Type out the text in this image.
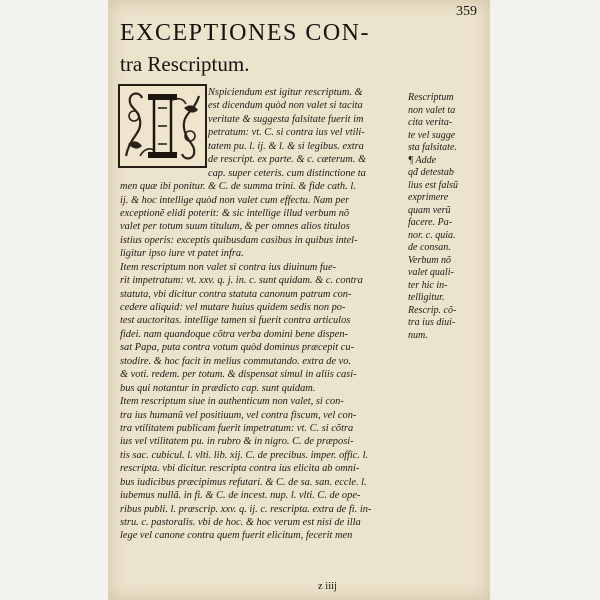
359
EXCEPTIONES CON-
tra Rescriptum.
Nspiciendum est igitur rescriptum. &
est dicendum quòd non valet si tacita
veritate & suggesta falsitate fuerit im
petratum: vt. C. si contra ius vel vtili-
tatem pu. l. ij. & l. & si legibus. extra
de rescript. ex parte. & c. cæterum. &
cap. super ceteris. cum distinctione ta
men quæ ibi ponitur. & C. de summa trini. & fide cath. l.
ij. & hoc intellige quòd non valet cum effectu. Nam per
exceptionẽ elidi poterit: & sic intellige illud verbum nõ
valet per totum suum titulum, & per omnes alios titulos
istius operis: exceptis quibusdam casibus in quibus intel-
ligitur ipso iure vt patet infra.
Item rescriptum non valet si contra ius diuinum fue-
rit impetratum: vt. xxv. q. j. in. c. sunt quidam. & c. contra
statuta, vbi dicitur contra statuta canonum patrum con-
cedere aliquid: vel mutare huius quidem sedis non po-
test auctoritas. intellige tamen si fuerit contra articulos
fidei. nam quandoque cõtra verba domini bene dispen-
sat Papa, puta contra votum quòd dominus præcepit cu-
stodire. & hoc facit in melius commutando. extra de vo.
& voti. redem. per totum. & dispensat simul in aliis casi-
bus qui notantur in prædicto cap. sunt quidam.
Item rescriptum siue in authenticum non valet, si con-
tra ius humanũ vel positiuum, vel contra fiscum, vel con-
tra vtilitatem publicam fuerit impetratum: vt. C. si cõtra
ius vel vtilitatem pu. in rubro & in nigro. C. de præposi-
tis sac. cubicul. l. vlti. lib. xij. C. de precibus. imper. offic. l.
rescripta. vbi dicitur. rescripta contra ius elicita ab omni-
bus iudicibus præcipimus refutari. & C. de sa. san. eccle. l.
iubemus nullã. in fi. & C. de incest. nup. l. vlti. C. de ope-
ribus publi. l. præscrip. xxv. q. ij. c. rescripta. extra de fi. in-
stru. c. pastoralis. vbi de hoc. & hoc verum est nisi de illa
lege vel canone contra quem fuerit elicitum, fecerit men
Rescriptum
non valet ta
cita verita-
te vel sugge
sta falsitate.
¶ Adde
qđ detestab
lius est falsũ
exprimere
quam verũ
facere. Pa-
nor. c. quia.
de consan.
Verbum nõ
valet quali-
ter hic in-
telligitur.
Rescrip. cõ-
tra ius diui-
num.
z iiij
